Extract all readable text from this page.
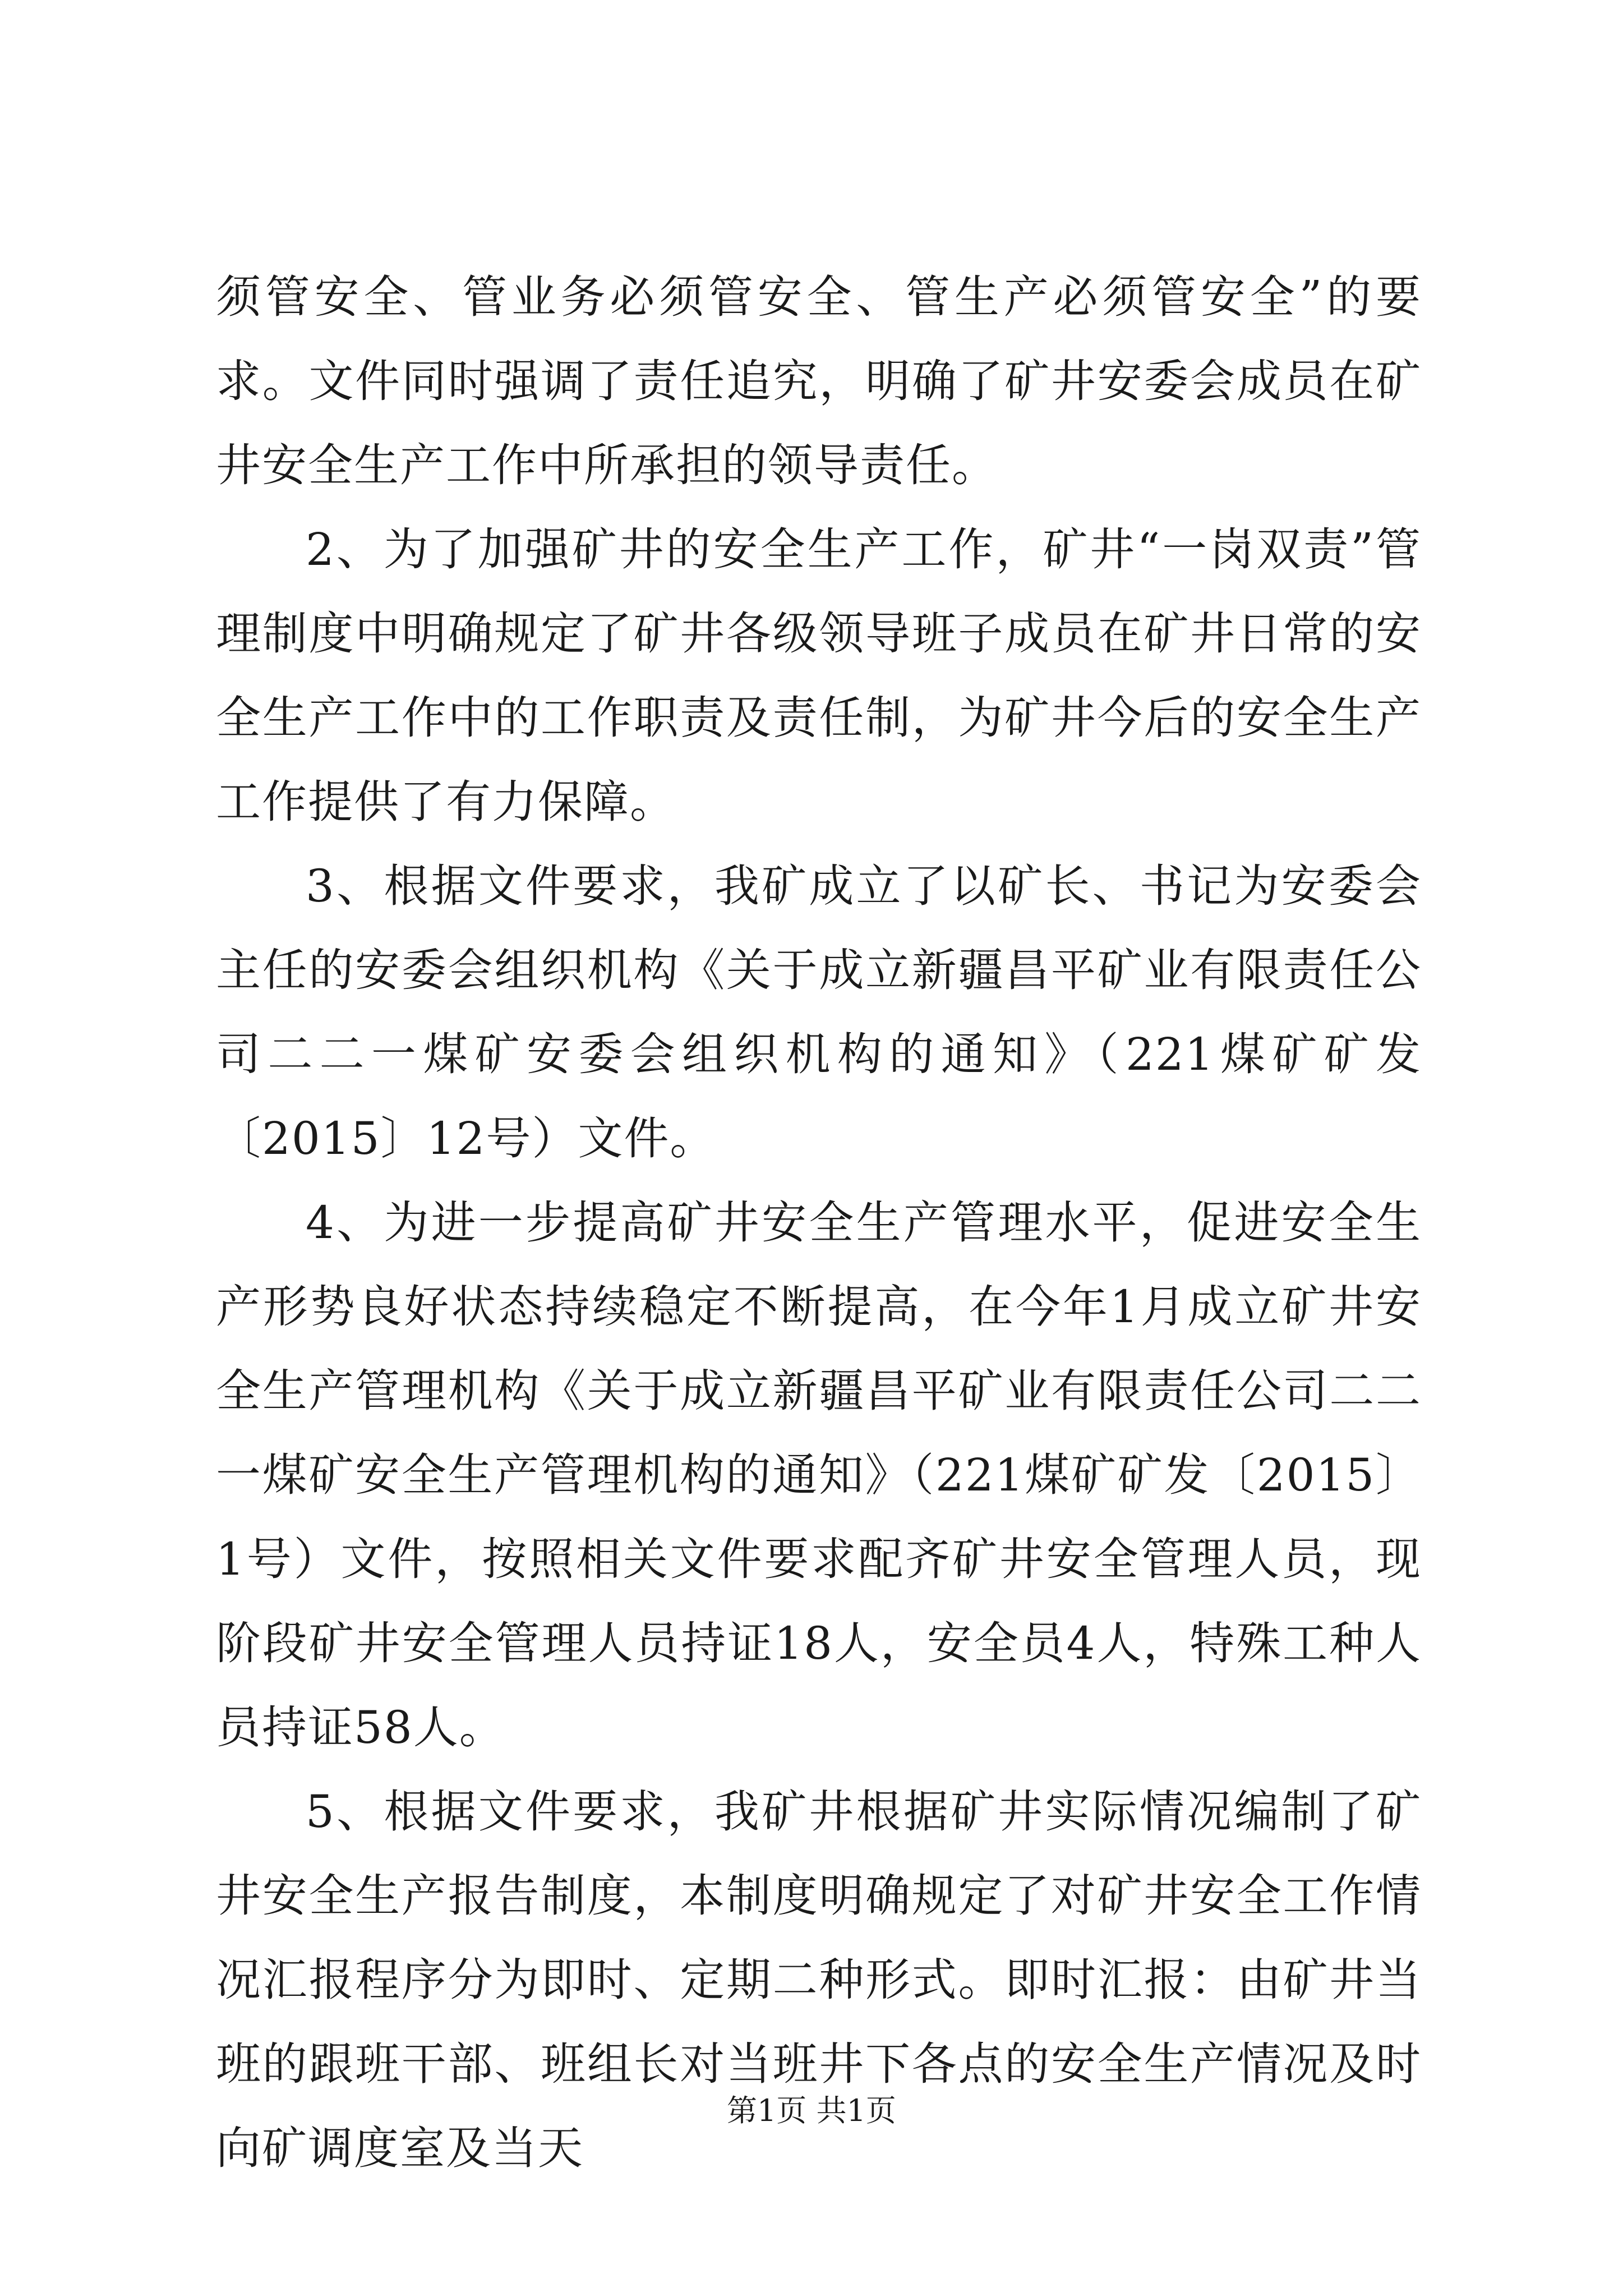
须管安全、管业务必须管安全、管生产必须管安全”的要求。文件同时强调了责任追究，明确了矿井安委会成员在矿井安全生产工作中所承担的领导责任。

2、为了加强矿井的安全生产工作，矿井“一岗双责”管理制度中明确规定了矿井各级领导班子成员在矿井日常的安全生产工作中的工作职责及责任制，为矿井今后的安全生产工作提供了有力保障。

3、根据文件要求，我矿成立了以矿长、书记为安委会主任的安委会组织机构《关于成立新疆昌平矿业有限责任公司二二一煤矿安委会组织机构的通知》（221煤矿矿发〔2015〕12号）文件。

4、为进一步提高矿井安全生产管理水平，促进安全生产形势良好状态持续稳定不断提高，在今年1月成立矿井安全生产管理机构《关于成立新疆昌平矿业有限责任公司二二一煤矿安全生产管理机构的通知》（221煤矿矿发〔2015〕1号）文件，按照相关文件要求配齐矿井安全管理人员，现阶段矿井安全管理人员持证18人，安全员4人，特殊工种人员持证58人。

5、根据文件要求，我矿井根据矿井实际情况编制了矿井安全生产报告制度，本制度明确规定了对矿井安全工作情况汇报程序分为即时、定期二种形式。即时汇报：由矿井当班的跟班干部、班组长对当班井下各点的安全生产情况及时向矿调度室及当天

第1页 共1页
